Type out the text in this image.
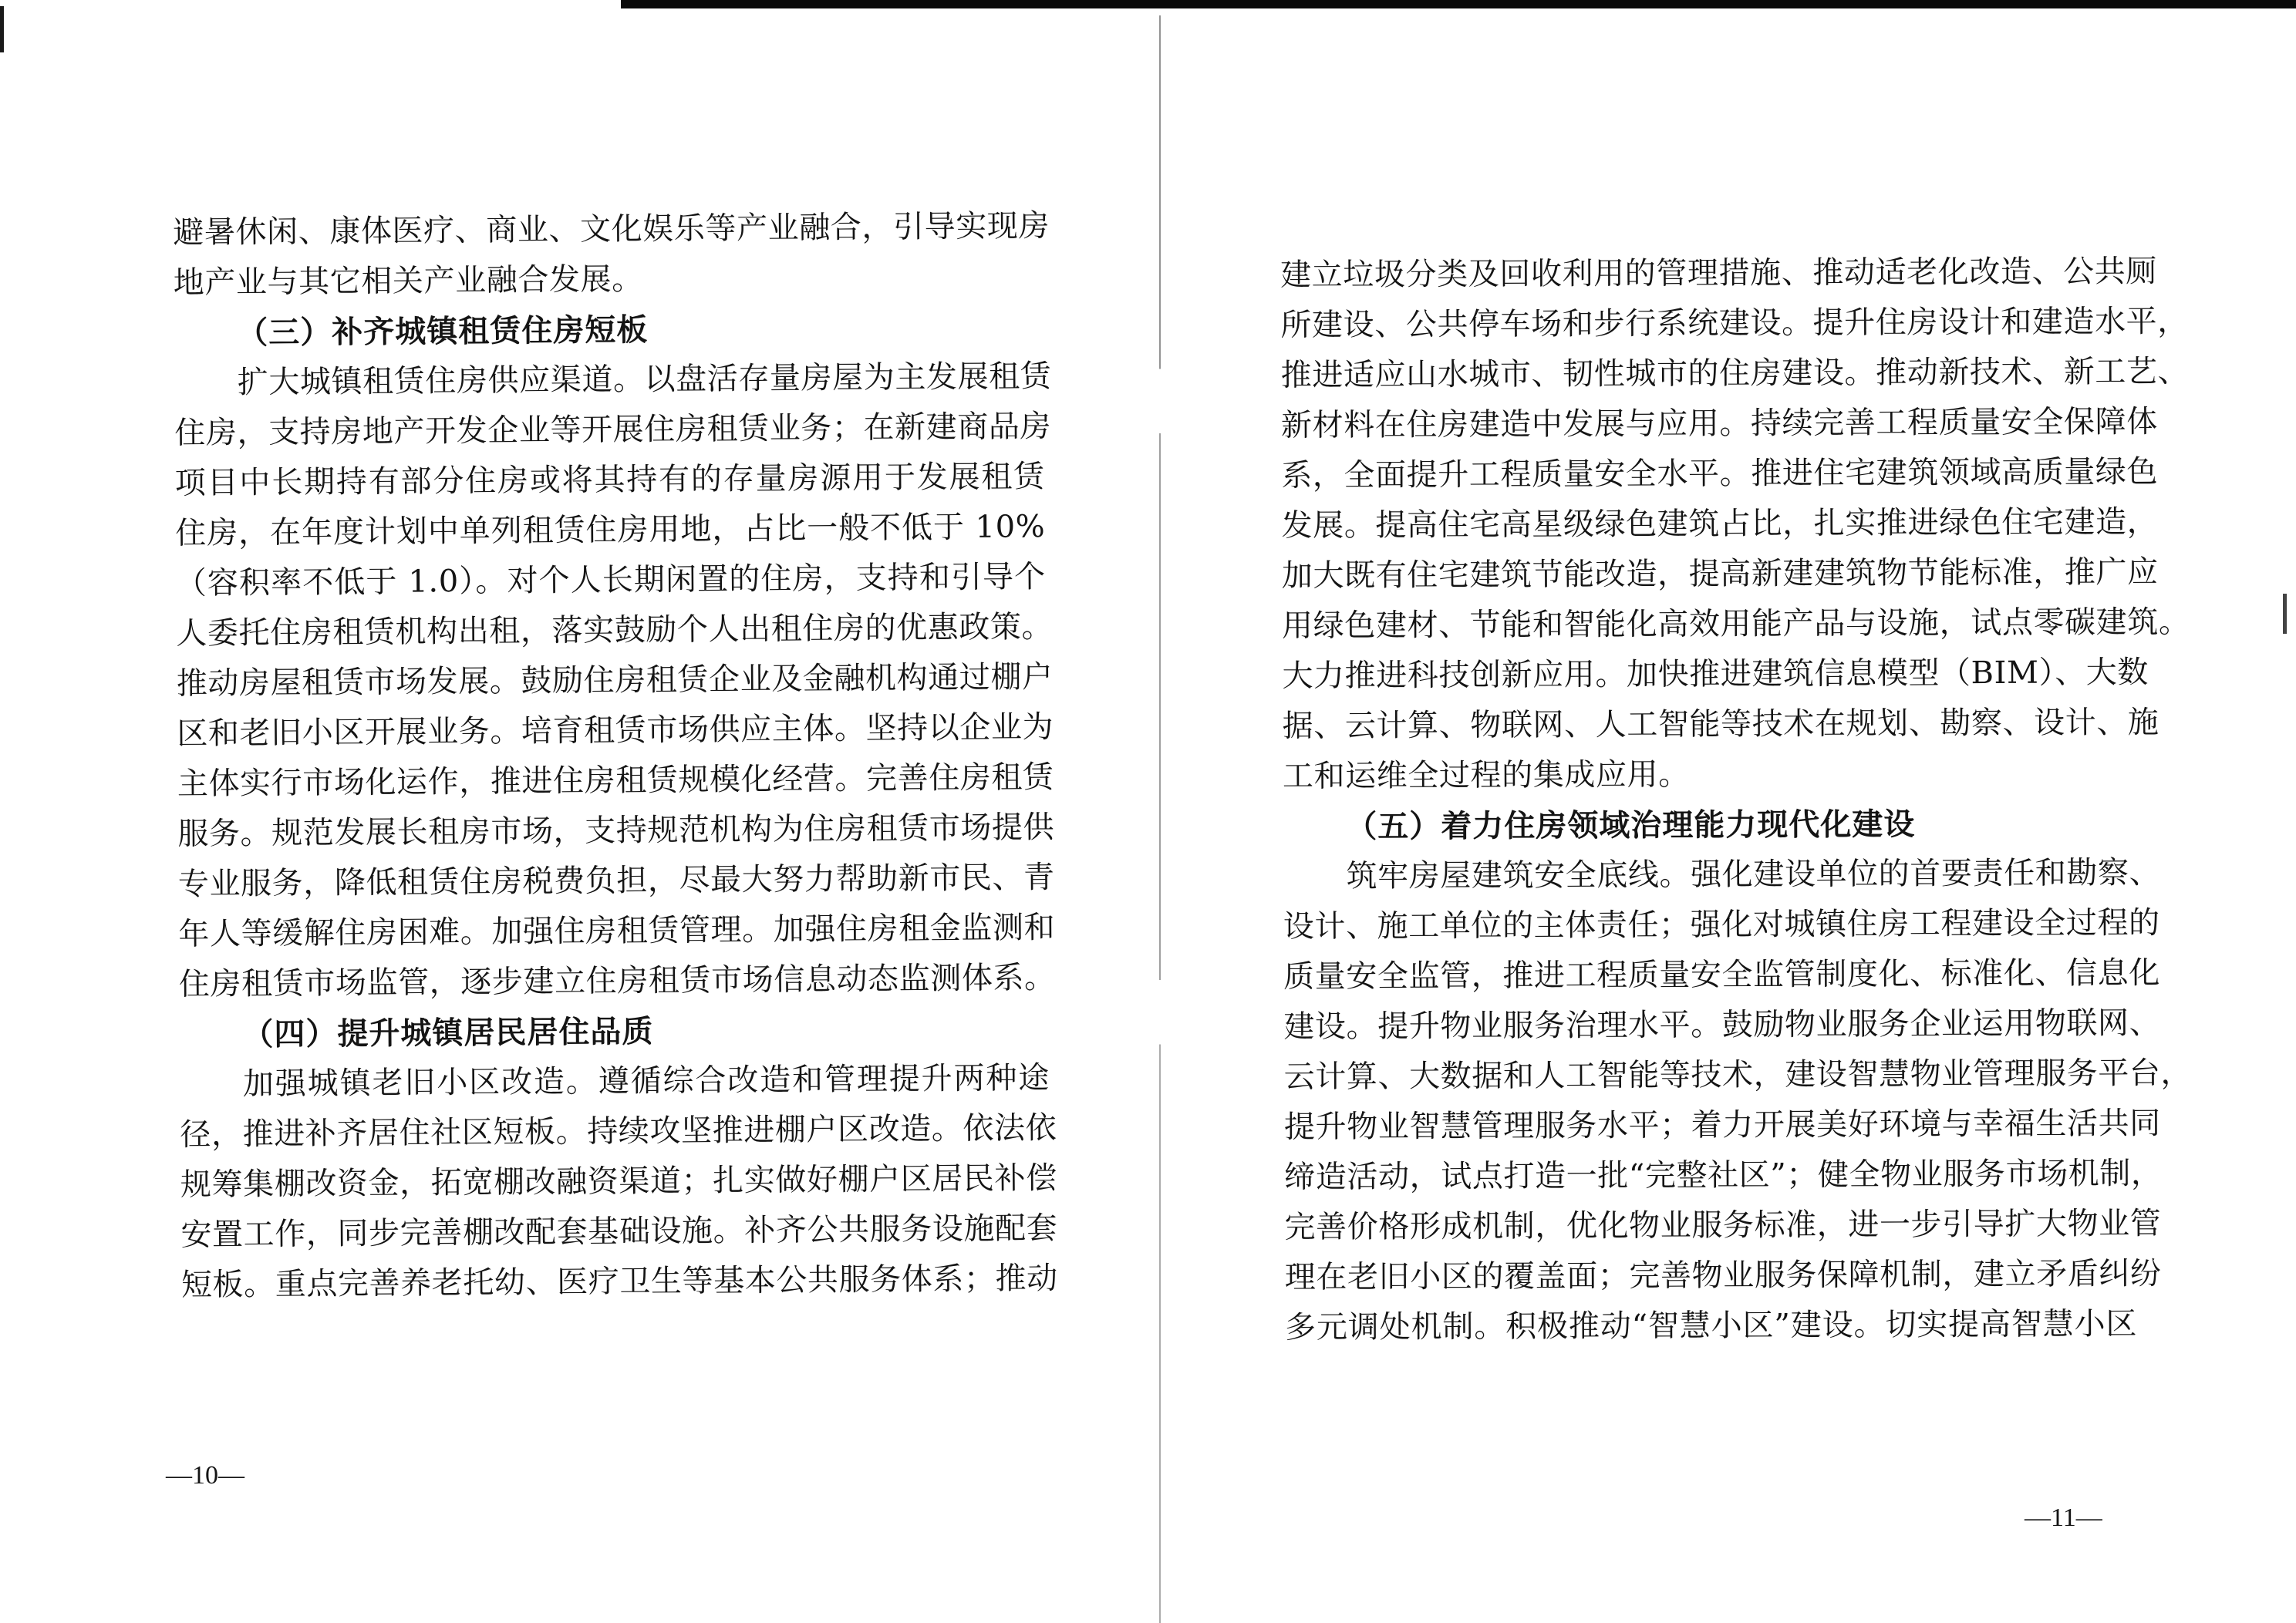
避暑休闲、康体医疗、商业、文化娱乐等产业融合，引导实现房
地产业与其它相关产业融合发展。
（三）补齐城镇租赁住房短板
扩大城镇租赁住房供应渠道。以盘活存量房屋为主发展租赁
住房，支持房地产开发企业等开展住房租赁业务；在新建商品房
项目中长期持有部分住房或将其持有的存量房源用于发展租赁
住房，在年度计划中单列租赁住房用地，占比一般不低于 10%
（容积率不低于 1.0）。对个人长期闲置的住房，支持和引导个
人委托住房租赁机构出租，落实鼓励个人出租住房的优惠政策。
推动房屋租赁市场发展。鼓励住房租赁企业及金融机构通过棚户
区和老旧小区开展业务。培育租赁市场供应主体。坚持以企业为
主体实行市场化运作，推进住房租赁规模化经营。完善住房租赁
服务。规范发展长租房市场，支持规范机构为住房租赁市场提供
专业服务，降低租赁住房税费负担，尽最大努力帮助新市民、青
年人等缓解住房困难。加强住房租赁管理。加强住房租金监测和
住房租赁市场监管，逐步建立住房租赁市场信息动态监测体系。
（四）提升城镇居民居住品质
加强城镇老旧小区改造。遵循综合改造和管理提升两种途
径，推进补齐居住社区短板。持续攻坚推进棚户区改造。依法依
规筹集棚改资金，拓宽棚改融资渠道；扎实做好棚户区居民补偿
安置工作，同步完善棚改配套基础设施。补齐公共服务设施配套
短板。重点完善养老托幼、医疗卫生等基本公共服务体系；推动
—10—
建立垃圾分类及回收利用的管理措施、推动适老化改造、公共厕
所建设、公共停车场和步行系统建设。提升住房设计和建造水平，
推进适应山水城市、韧性城市的住房建设。推动新技术、新工艺、
新材料在住房建造中发展与应用。持续完善工程质量安全保障体
系，全面提升工程质量安全水平。推进住宅建筑领域高质量绿色
发展。提高住宅高星级绿色建筑占比，扎实推进绿色住宅建造，
加大既有住宅建筑节能改造，提高新建建筑物节能标准，推广应
用绿色建材、节能和智能化高效用能产品与设施，试点零碳建筑。
大力推进科技创新应用。加快推进建筑信息模型（BIM）、大数
据、云计算、物联网、人工智能等技术在规划、勘察、设计、施
工和运维全过程的集成应用。
（五）着力住房领域治理能力现代化建设
筑牢房屋建筑安全底线。强化建设单位的首要责任和勘察、
设计、施工单位的主体责任；强化对城镇住房工程建设全过程的
质量安全监管，推进工程质量安全监管制度化、标准化、信息化
建设。提升物业服务治理水平。鼓励物业服务企业运用物联网、
云计算、大数据和人工智能等技术，建设智慧物业管理服务平台，
提升物业智慧管理服务水平；着力开展美好环境与幸福生活共同
缔造活动，试点打造一批“完整社区”；健全物业服务市场机制，
完善价格形成机制，优化物业服务标准，进一步引导扩大物业管
理在老旧小区的覆盖面；完善物业服务保障机制，建立矛盾纠纷
多元调处机制。积极推动“智慧小区”建设。切实提高智慧小区
—11—
